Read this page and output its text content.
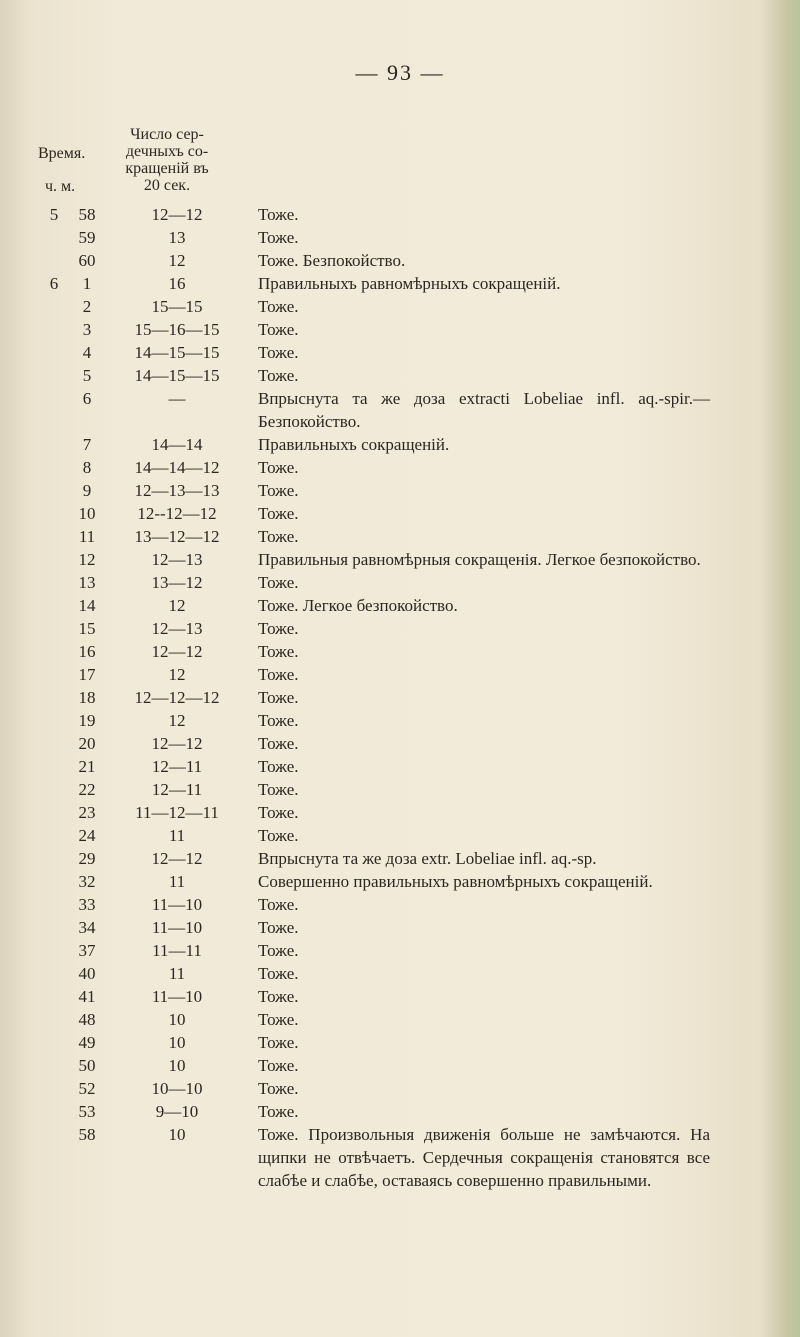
— 93 —
Время.
ч. м.
Число сер-
дечныхъ со-
кращенiй въ
20 сек.
5	58	12—12	Тоже.
59	13	Тоже.
60	12	Тоже. Безпокойство.
6	1	16	Правильныхъ равномѣрныхъ сокращенiй.
2	15—15	Тоже.
3	15—16—15	Тоже.
4	14—15—15	Тоже.
5	14—15—15	Тоже.
6	—	Впрыснута та же доза extracti Lobeliae infl. aq.-spir.—Безпокойство.
7	14—14	Правильныхъ сокращенiй.
8	14—14—12	Тоже.
9	12—13—13	Тоже.
10	12--12—12	Тоже.
11	13—12—12	Тоже.
12	12—13	Правильныя равномѣрныя сокращенiя. Легкое безпокойство.
13	13—12	Тоже.
14	12	Тоже. Легкое безпокойство.
15	12—13	Тоже.
16	12—12	Тоже.
17	12	Тоже.
18	12—12—12	Тоже.
19	12	Тоже.
20	12—12	Тоже.
21	12—11	Тоже.
22	12—11	Тоже.
23	11—12—11	Тоже.
24	11	Тоже.
29	12—12	Впрыснута та же доза extr. Lobeliae infl. aq.-sp.
32	11	Совершенно правильныхъ равномѣрныхъ сокращенiй.
33	11—10	Тоже.
34	11—10	Тоже.
37	11—11	Тоже.
40	11	Тоже.
41	11—10	Тоже.
48	10	Тоже.
49	10	Тоже.
50	10	Тоже.
52	10—10	Тоже.
53	9—10	Тоже.
58	10	Тоже. Произвольныя движенiя больше не замѣчаются. На щипки не отвѣчаетъ. Сердечныя сокращенiя становятся все слабѣе и слабѣе, оставаясь совершенно правильными.
